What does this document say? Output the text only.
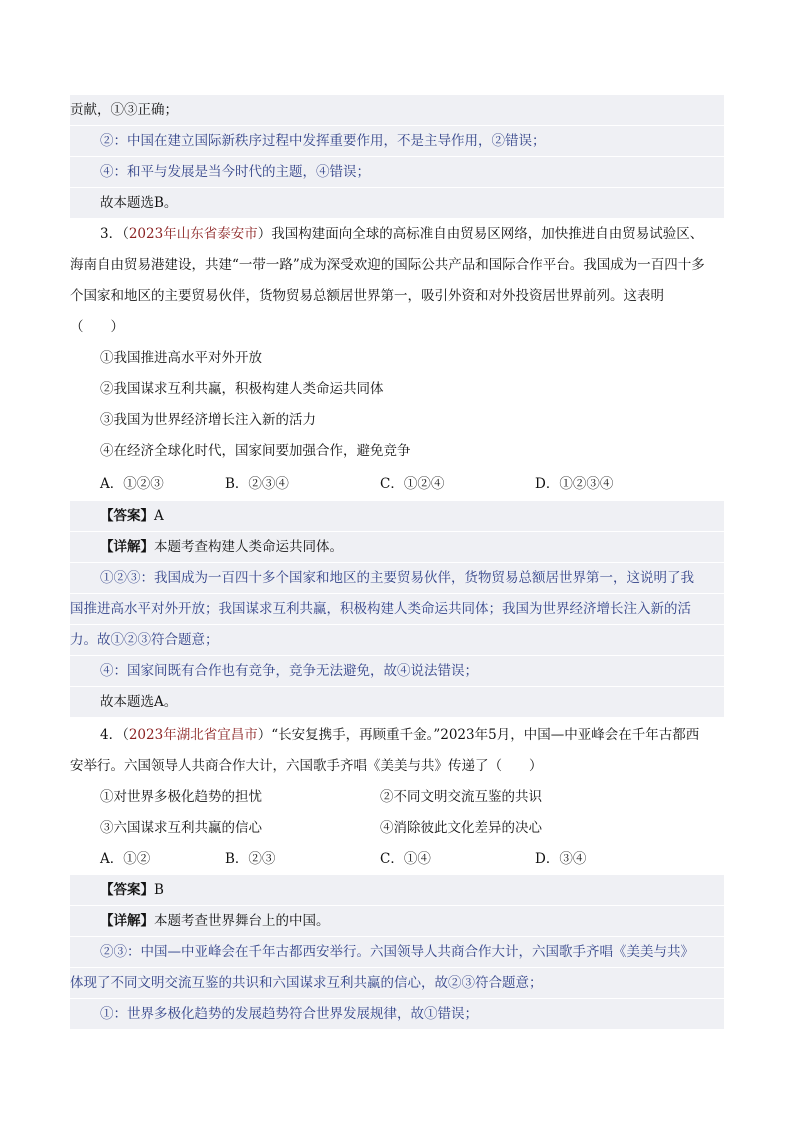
贡献，①③正确；
②：中国在建立国际新秩序过程中发挥重要作用，不是主导作用，②错误；
④：和平与发展是当今时代的主题，④错误；
故本题选B。
3．（2023年山东省泰安市）我国构建面向全球的高标准自由贸易区网络，加快推进自由贸易试验区、
海南自由贸易港建设，共建“一带一路”成为深受欢迎的国际公共产品和国际合作平台。我国成为一百四十多
个国家和地区的主要贸易伙伴，货物贸易总额居世界第一，吸引外资和对外投资居世界前列。这表明
（　　）
①我国推进高水平对外开放
②我国谋求互利共赢，积极构建人类命运共同体
③我国为世界经济增长注入新的活力
④在经济全球化时代，国家间要加强合作，避免竞争
A．①②③	B．②③④	C．①②④	D．①②③④
【答案】A
【详解】本题考查构建人类命运共同体。
①②③：我国成为一百四十多个国家和地区的主要贸易伙伴，货物贸易总额居世界第一，这说明了我
国推进高水平对外开放；我国谋求互利共赢，积极构建人类命运共同体；我国为世界经济增长注入新的活
力。故①②③符合题意；
④：国家间既有合作也有竞争，竞争无法避免，故④说法错误；
故本题选A。
4．（2023年湖北省宜昌市）“长安复携手，再顾重千金。”2023年5月，中国—中亚峰会在千年古都西
安举行。六国领导人共商合作大计，六国歌手齐唱《美美与共》传递了（　　）
①对世界多极化趋势的担忧	②不同文明交流互鉴的共识
③六国谋求互利共赢的信心	④消除彼此文化差异的决心
A．①②	B．②③	C．①④	D．③④
【答案】B
【详解】本题考查世界舞台上的中国。
②③：中国—中亚峰会在千年古都西安举行。六国领导人共商合作大计，六国歌手齐唱《美美与共》
体现了不同文明交流互鉴的共识和六国谋求互利共赢的信心，故②③符合题意；
①：世界多极化趋势的发展趋势符合世界发展规律，故①错误；
